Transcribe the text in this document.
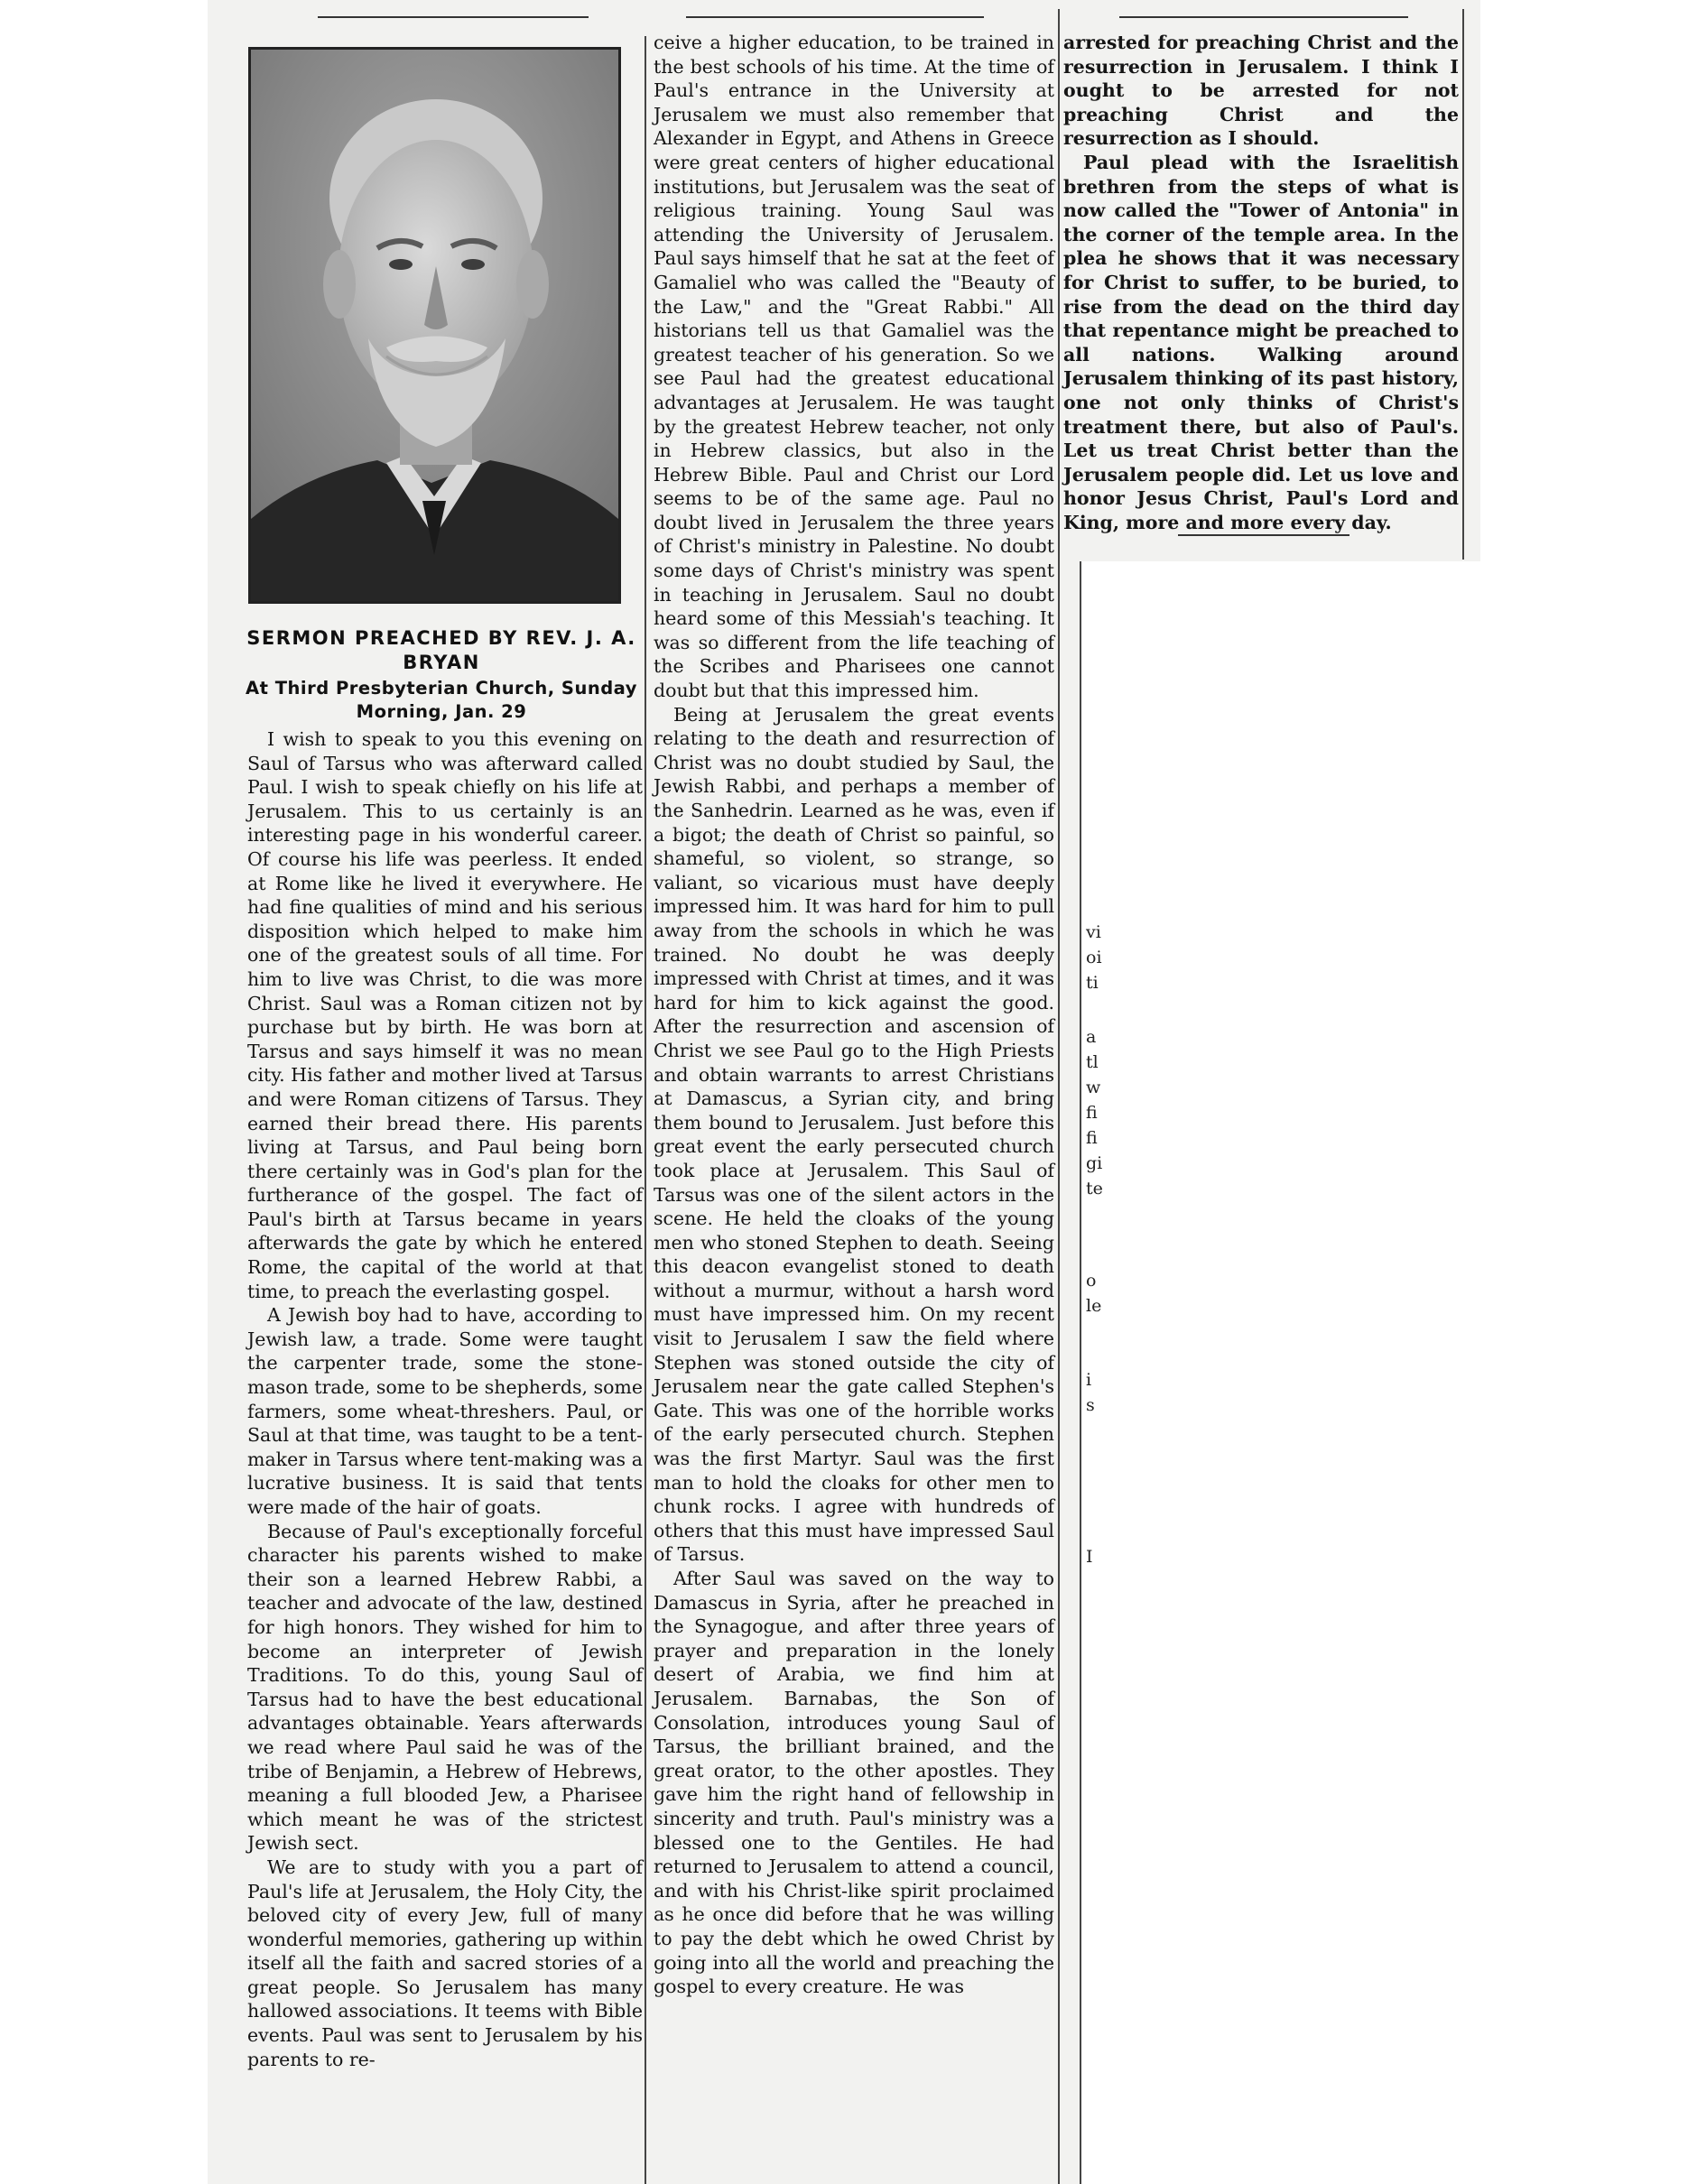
SERMON PREACHED BY REV. J. A. BRYAN
At Third Presbyterian Church, Sunday Morning, Jan. 29

I wish to speak to you this evening on Saul of Tarsus who was afterward called Paul. I wish to speak chiefly on his life at Jerusalem. This to us certainly is an interesting page in his wonderful career. Of course his life was peerless. It ended at Rome like he lived it everywhere. He had fine qualities of mind and his serious disposition which helped to make him one of the greatest souls of all time. For him to live was Christ, to die was more Christ. Saul was a Roman citizen not by purchase but by birth. He was born at Tarsus and says himself it was no mean city. His father and mother lived at Tarsus and were Roman citizens of Tarsus. They earned their bread there. His parents living at Tarsus, and Paul being born there certainly was in God's plan for the furtherance of the gospel. The fact of Paul's birth at Tarsus became in years afterwards the gate by which he entered Rome, the capital of the world at that time, to preach the everlasting gospel.

A Jewish boy had to have, according to Jewish law, a trade. Some were taught the carpenter trade, some the stone-mason trade, some to be shepherds, some farmers, some wheat-threshers. Paul, or Saul at that time, was taught to be a tent-maker in Tarsus where tent-making was a lucrative business. It is said that tents were made of the hair of goats.

Because of Paul's exceptionally forceful character his parents wished to make their son a learned Hebrew Rabbi, a teacher and advocate of the law, destined for high honors. They wished for him to become an interpreter of Jewish Traditions. To do this, young Saul of Tarsus had to have the best educational advantages obtainable. Years afterwards we read where Paul said he was of the tribe of Benjamin, a Hebrew of Hebrews, meaning a full blooded Jew, a Pharisee which meant he was of the strictest Jewish sect.

We are to study with you a part of Paul's life at Jerusalem, the Holy City, the beloved city of every Jew, full of many wonderful memories, gathering up within itself all the faith and sacred stories of a great people. So Jerusalem has many hallowed associations. It teems with Bible events. Paul was sent to Jerusalem by his parents to re-

ceive a higher education, to be trained in the best schools of his time. At the time of Paul's entrance in the University at Jerusalem we must also remember that Alexander in Egypt, and Athens in Greece were great centers of higher educational institutions, but Jerusalem was the seat of religious training. Young Saul was attending the University of Jerusalem. Paul says himself that he sat at the feet of Gamaliel who was called the "Beauty of the Law," and the "Great Rabbi." All historians tell us that Gamaliel was the greatest teacher of his generation. So we see Paul had the greatest educational advantages at Jerusalem. He was taught by the greatest Hebrew teacher, not only in Hebrew classics, but also in the Hebrew Bible. Paul and Christ our Lord seems to be of the same age. Paul no doubt lived in Jerusalem the three years of Christ's ministry in Palestine. No doubt some days of Christ's ministry was spent in teaching in Jerusalem. Saul no doubt heard some of this Messiah's teaching. It was so different from the life teaching of the Scribes and Pharisees one cannot doubt but that this impressed him.

Being at Jerusalem the great events relating to the death and resurrection of Christ was no doubt studied by Saul, the Jewish Rabbi, and perhaps a member of the Sanhedrin. Learned as he was, even if a bigot; the death of Christ so painful, so shameful, so violent, so strange, so valiant, so vicarious must have deeply impressed him. It was hard for him to pull away from the schools in which he was trained. No doubt he was deeply impressed with Christ at times, and it was hard for him to kick against the good. After the resurrection and ascension of Christ we see Paul go to the High Priests and obtain warrants to arrest Christians at Damascus, a Syrian city, and bring them bound to Jerusalem. Just before this great event the early persecuted church took place at Jerusalem. This Saul of Tarsus was one of the silent actors in the scene. He held the cloaks of the young men who stoned Stephen to death. Seeing this deacon evangelist stoned to death without a murmur, without a harsh word must have impressed him. On my recent visit to Jerusalem I saw the field where Stephen was stoned outside the city of Jerusalem near the gate called Stephen's Gate. This was one of the horrible works of the early persecuted church. Stephen was the first Martyr. Saul was the first man to hold the cloaks for other men to chunk rocks. I agree with hundreds of others that this must have impressed Saul of Tarsus.

After Saul was saved on the way to Damascus in Syria, after he preached in the Synagogue, and after three years of prayer and preparation in the lonely desert of Arabia, we find him at Jerusalem. Barnabas, the Son of Consolation, introduces young Saul of Tarsus, the brilliant brained, and the great orator, to the other apostles. They gave him the right hand of fellowship in sincerity and truth. Paul's ministry was a blessed one to the Gentiles. He had returned to Jerusalem to attend a council, and with his Christ-like spirit proclaimed as he once did before that he was willing to pay the debt which he owed Christ by going into all the world and preaching the gospel to every creature. He was

arrested for preaching Christ and the resurrection in Jerusalem. I think I ought to be arrested for not preaching Christ and the resurrection as I should.

Paul plead with the Israelitish brethren from the steps of what is now called the "Tower of Antonia" in the corner of the temple area. In the plea he shows that it was necessary for Christ to suffer, to be buried, to rise from the dead on the third day that repentance might be preached to all nations. Walking around Jerusalem thinking of its past history, one not only thinks of Christ's treatment there, but also of Paul's. Let us treat Christ better than the Jerusalem people did. Let us love and honor Jesus Christ, Paul's Lord and King, more and more every day.

vi
oi
ti
a
tl
w
fi
fi
gi
te
o
le
i
s
I
